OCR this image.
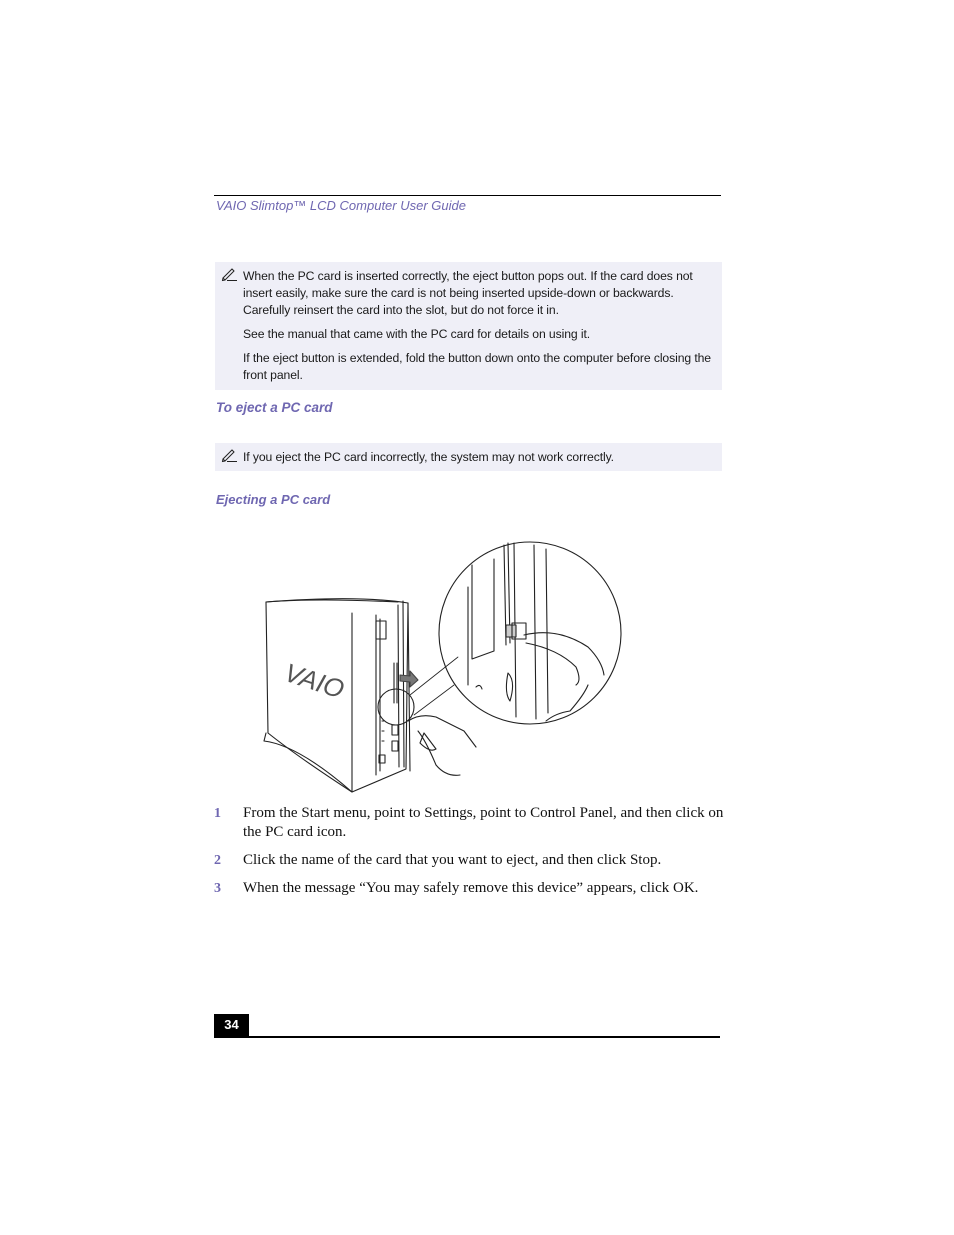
VAIO Slimtop™ LCD Computer User Guide

When the PC card is inserted correctly, the eject button pops out. If the card does not insert easily, make sure the card is not being inserted upside-down or backwards. Carefully reinsert the card into the slot, but do not force it in.

See the manual that came with the PC card for details on using it.

If the eject button is extended, fold the button down onto the computer before closing the front panel.

To eject a PC card

If you eject the PC card incorrectly, the system may not work correctly.

Ejecting a PC card
VAIO
1 From the Start menu, point to Settings, point to Control Panel, and then click on the PC card icon.
2 Click the name of the card that you want to eject, and then click Stop.
3 When the message “You may safely remove this device” appears, click OK.
34
